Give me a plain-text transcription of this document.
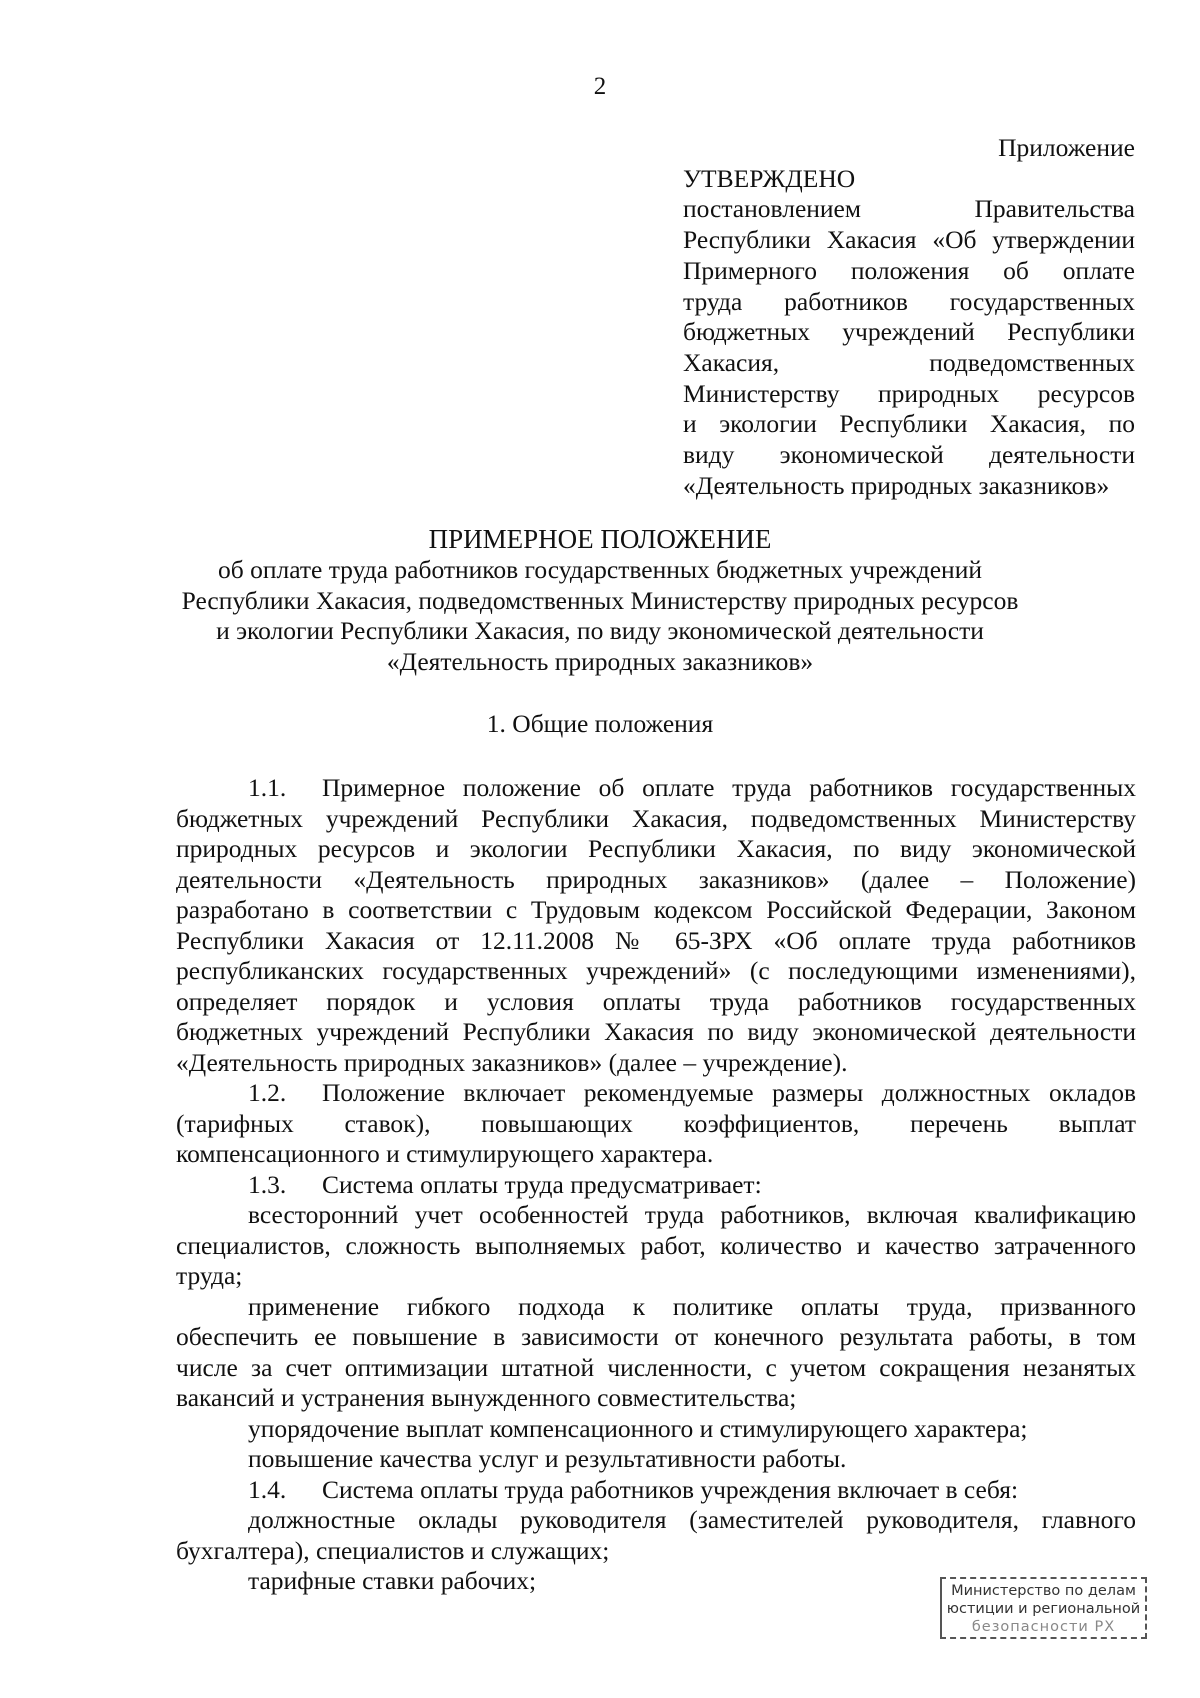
2
Приложение
УТВЕРЖДЕНО
постановлением Правительства
Республики Хакасия «Об утверждении
Примерного положения об оплате
труда работников государственных
бюджетных учреждений Республики
Хакасия, подведомственных
Министерству природных ресурсов
и экологии Республики Хакасия, по
виду экономической деятельности
«Деятельность природных заказников»
ПРИМЕРНОЕ ПОЛОЖЕНИЕ
об оплате труда работников государственных бюджетных учреждений
Республики Хакасия, подведомственных Министерству природных ресурсов
и экологии Республики Хакасия, по виду экономической деятельности
«Деятельность природных заказников»
1. Общие положения
1.1. Примерное положение об оплате труда работников государственных
бюджетных учреждений Республики Хакасия, подведомственных Министерству
природных ресурсов и экологии Республики Хакасия, по виду экономической
деятельности «Деятельность природных заказников» (далее – Положение)
разработано в соответствии с Трудовым кодексом Российской Федерации, Законом
Республики Хакасия от 12.11.2008 № 65-ЗРХ «Об оплате труда работников
республиканских государственных учреждений» (с последующими изменениями),
определяет порядок и условия оплаты труда работников государственных
бюджетных учреждений Республики Хакасия по виду экономической деятельности
«Деятельность природных заказников» (далее – учреждение).
1.2. Положение включает рекомендуемые размеры должностных окладов
(тарифных ставок), повышающих коэффициентов, перечень выплат
компенсационного и стимулирующего характера.
1.3. Система оплаты труда предусматривает:
всесторонний учет особенностей труда работников, включая квалификацию
специалистов, сложность выполняемых работ, количество и качество затраченного
труда;
применение гибкого подхода к политике оплаты труда, призванного
обеспечить ее повышение в зависимости от конечного результата работы, в том
числе за счет оптимизации штатной численности, с учетом сокращения незанятых
вакансий и устранения вынужденного совместительства;
упорядочение выплат компенсационного и стимулирующего характера;
повышение качества услуг и результативности работы.
1.4. Система оплаты труда работников учреждения включает в себя:
должностные оклады руководителя (заместителей руководителя, главного
бухгалтера), специалистов и служащих;
тарифные ставки рабочих;	Министерство по делам
юстиции и региональной
безопасности РХ
